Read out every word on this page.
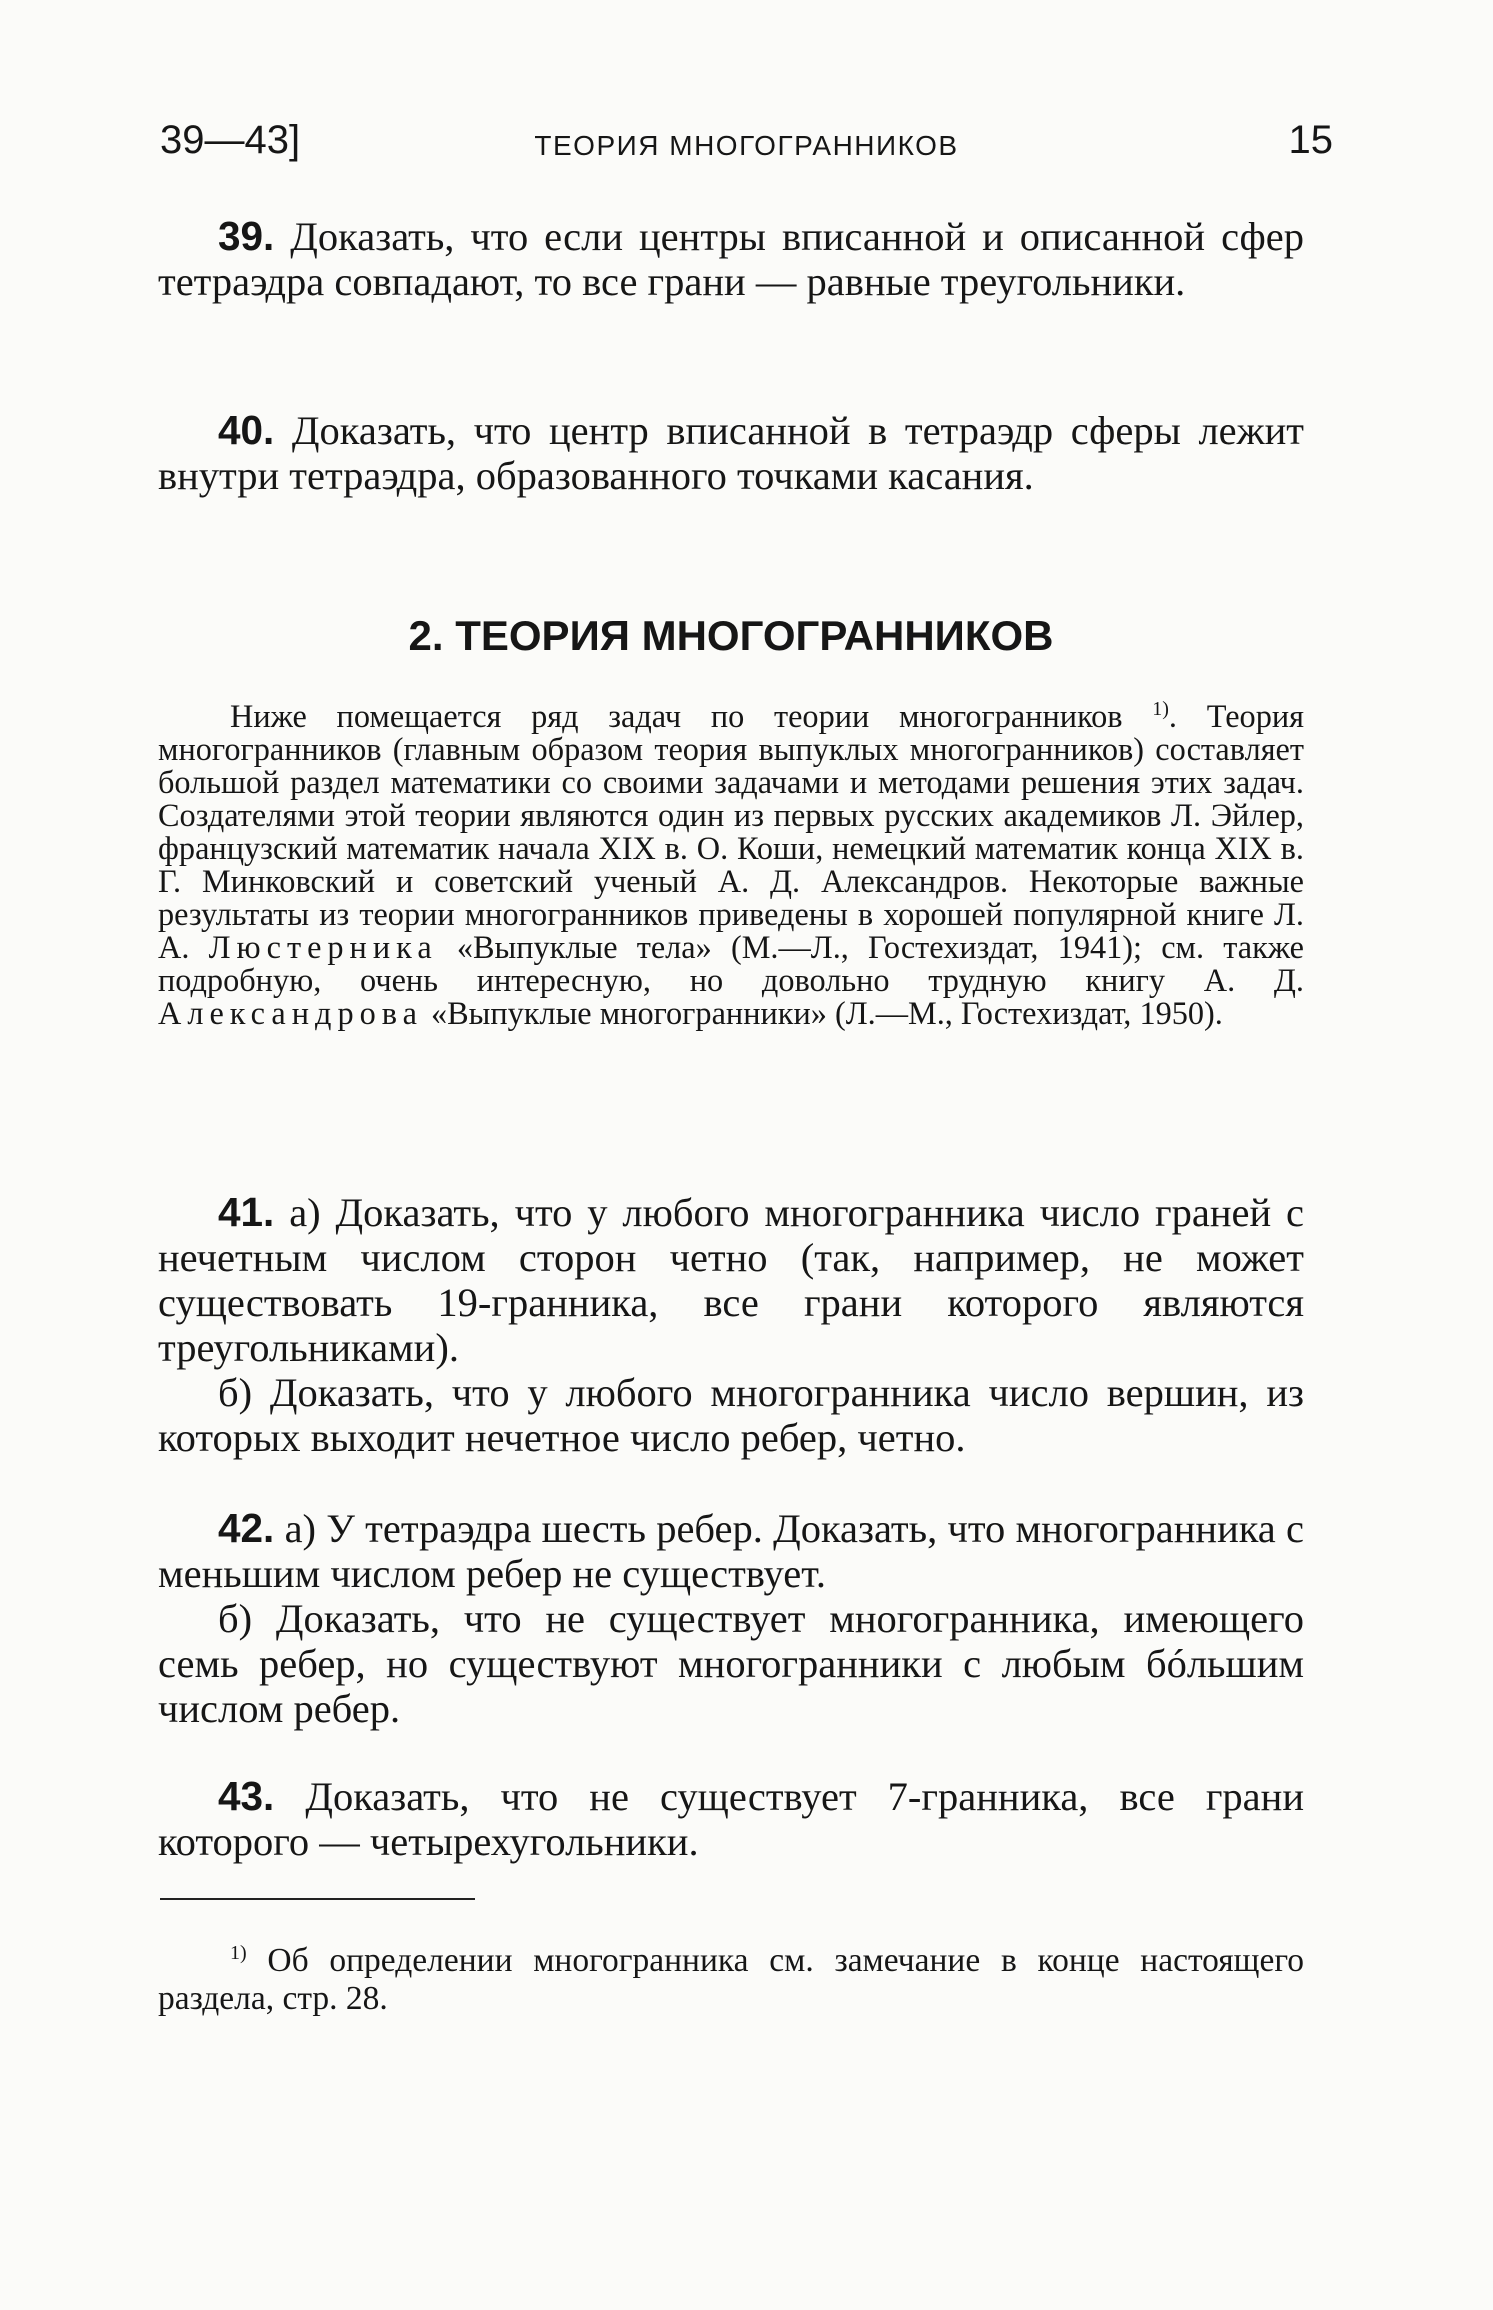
39—43]	ТЕОРИЯ МНОГОГРАННИКОВ	15

39. Доказать, что если центры вписанной и описанной сфер тетраэдра совпадают, то все грани — равные треугольники.

40. Доказать, что центр вписанной в тетраэдр сферы лежит внутри тетраэдра, образованного точками касания.

2. ТЕОРИЯ МНОГОГРАННИКОВ

Ниже помещается ряд задач по теории многогранников $^{1)}$. Теория многогранников (главным образом теория выпуклых многогранников) составляет большой раздел математики со своими задачами и методами решения этих задач. Создателями этой теории являются один из первых русских академиков Л. Эйлер, французский математик начала XIX в. О. Коши, немецкий математик конца XIX в. Г. Минковский и советский ученый А. Д. Александров. Некоторые важные результаты из теории многогранников приведены в хорошей популярной книге Л. А. Люстерника «Выпуклые тела» (М.—Л., Гостехиздат, 1941); см. также подробную, очень интересную, но довольно трудную книгу А. Д. Александрова «Выпуклые многогранники» (Л.—М., Гостехиздат, 1950).

41. а) Доказать, что у любого многогранника число граней с нечетным числом сторон четно (так, например, не может существовать 19-гранника, все грани которого являются треугольниками).

б) Доказать, что у любого многогранника число вершин, из которых выходит нечетное число ребер, четно.

42. а) У тетраэдра шесть ребер. Доказать, что многогранника с меньшим числом ребер не существует.

б) Доказать, что не существует многогранника, имеющего семь ребер, но существуют многогранники с любым бóльшим числом ребер.

43. Доказать, что не существует 7-гранника, все грани которого — четырехугольники.

$^{1)}$ Об определении многогранника см. замечание в конце настоящего раздела, стр. 28.
